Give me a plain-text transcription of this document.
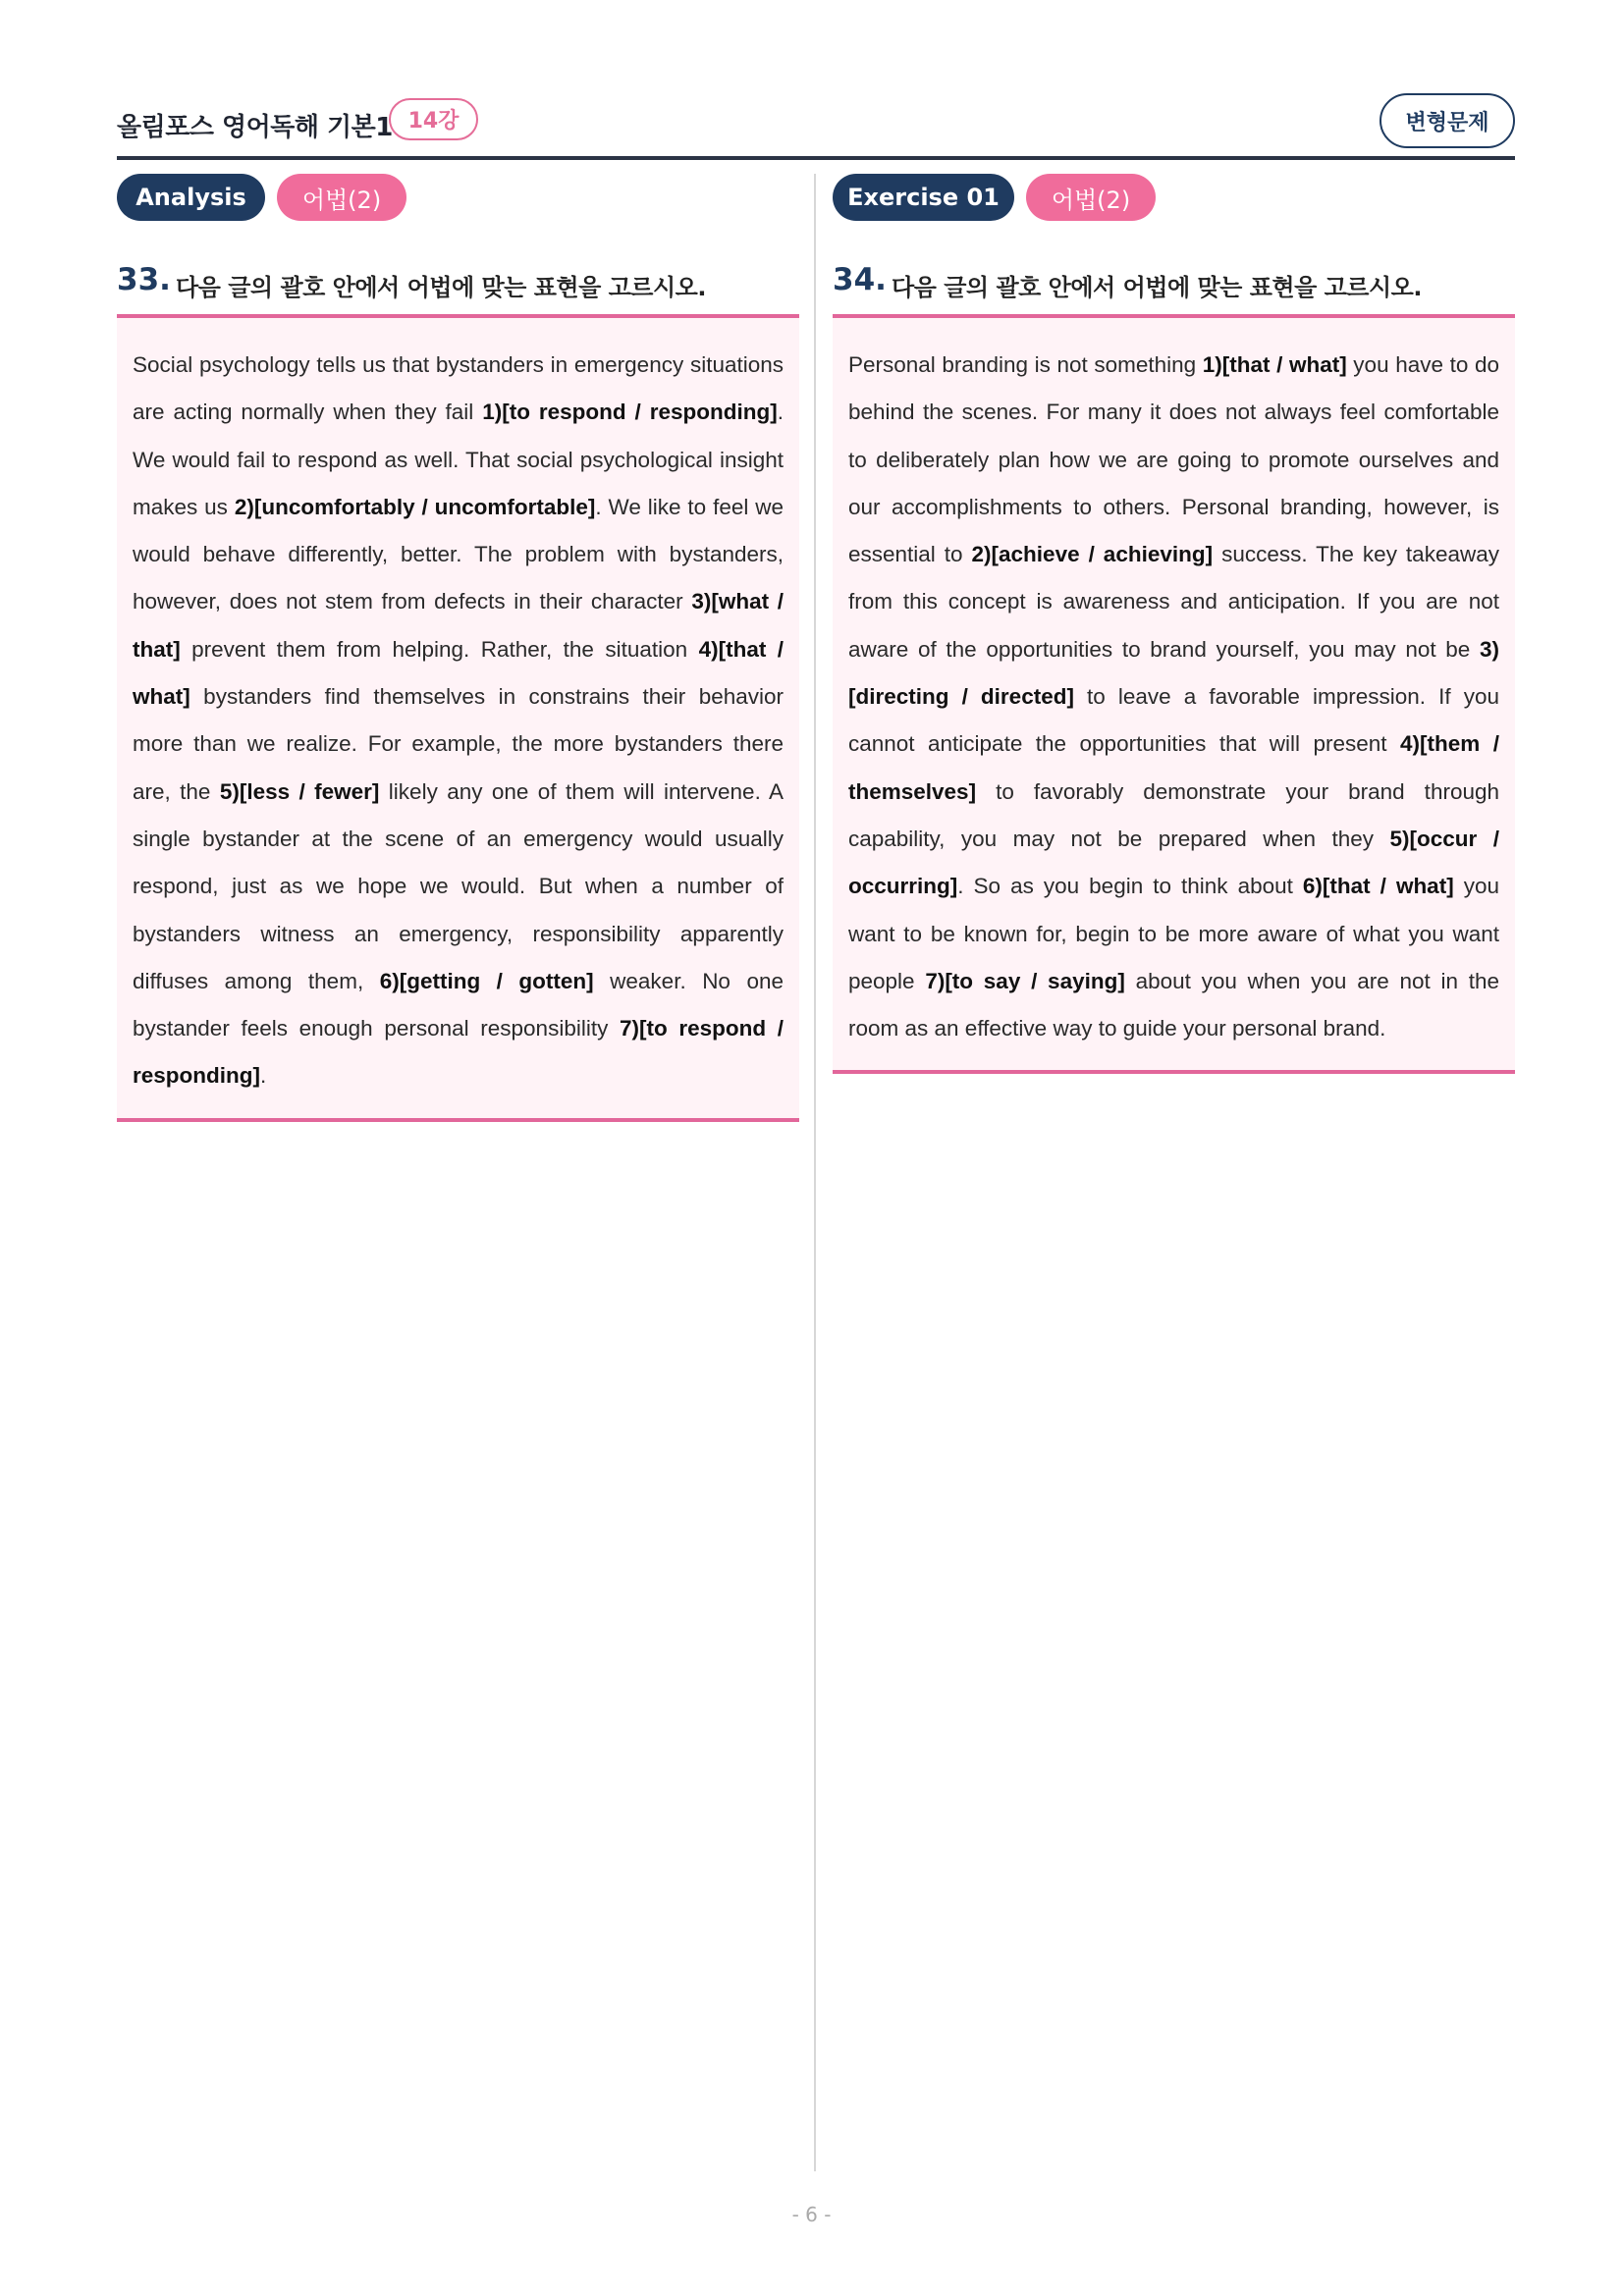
올림포스 영어독해 기본1 14강	변형문제
Analysis	어법(2)
33. 다음 글의 괄호 안에서 어법에 맞는 표현을 고르시오.

Social psychology tells us that bystanders in emergency situations are acting normally when they fail 1)[to respond / responding]. We would fail to respond as well. That social psychological insight makes us 2)[uncomfortably / uncomfortable]. We like to feel we would behave differently, better. The problem with bystanders, however, does not stem from defects in their character 3)[what / that] prevent them from helping. Rather, the situation 4)[that / what] bystanders find themselves in constrains their behavior more than we realize. For example, the more bystanders there are, the 5)[less / fewer] likely any one of them will intervene. A single bystander at the scene of an emergency would usually respond, just as we hope we would. But when a number of bystanders witness an emergency, responsibility apparently diffuses among them, 6)[getting / gotten] weaker. No one bystander feels enough personal responsibility 7)[to respond / responding].

Exercise 01	어법(2)
34. 다음 글의 괄호 안에서 어법에 맞는 표현을 고르시오.

Personal branding is not something 1)[that / what] you have to do behind the scenes. For many it does not always feel comfortable to deliberately plan how we are going to promote ourselves and our accomplishments to others. Personal branding, however, is essential to 2)[achieve / achieving] success. The key takeaway from this concept is awareness and anticipation. If you are not aware of the opportunities to brand yourself, you may not be 3)[directing / directed] to leave a favorable impression. If you cannot anticipate the opportunities that will present 4)[them / themselves] to favorably demonstrate your brand through capability, you may not be prepared when they 5)[occur / occurring]. So as you begin to think about 6)[that / what] you want to be known for, begin to be more aware of what you want people 7)[to say / saying] about you when you are not in the room as an effective way to guide your personal brand.

- 6 -
